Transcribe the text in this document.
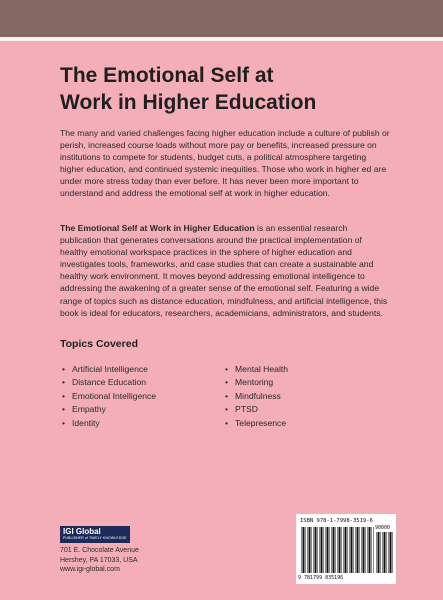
The Emotional Self at
Work in Higher Education

The many and varied challenges facing higher education include a culture of publish or perish, increased course loads without more pay or benefits, increased pressure on institutions to compete for students, budget cuts, a political atmosphere targeting higher education, and continued systemic inequities. Those who work in higher ed are under more stress today than ever before. It has never been more important to understand and address the emotional self at work in higher education.

The Emotional Self at Work in Higher Education is an essential research publication that generates conversations around the practical implementation of healthy emotional workspace practices in the sphere of higher education and investigates tools, frameworks, and case studies that can create a sustainable and healthy work environment. It moves beyond addressing emotional intelligence to addressing the awakening of a greater sense of the emotional self. Featuring a wide range of topics such as distance education, mindfulness, and artificial intelligence, this book is ideal for educators, researchers, academicians, administrators, and students.

Topics Covered
• Artificial Intelligence
• Distance Education
• Emotional Intelligence
• Empathy
• Identity
• Mental Health
• Mentoring
• Mindfulness
• PTSD
• Telepresence
IGI Global
PUBLISHER of TIMELY KNOWLEDGE
701 E. Chocolate Avenue
Hershey, PA 17033, USA
www.igi-global.com
ISBN 978-1-7998-3519-6
90000
9 781799 835196
